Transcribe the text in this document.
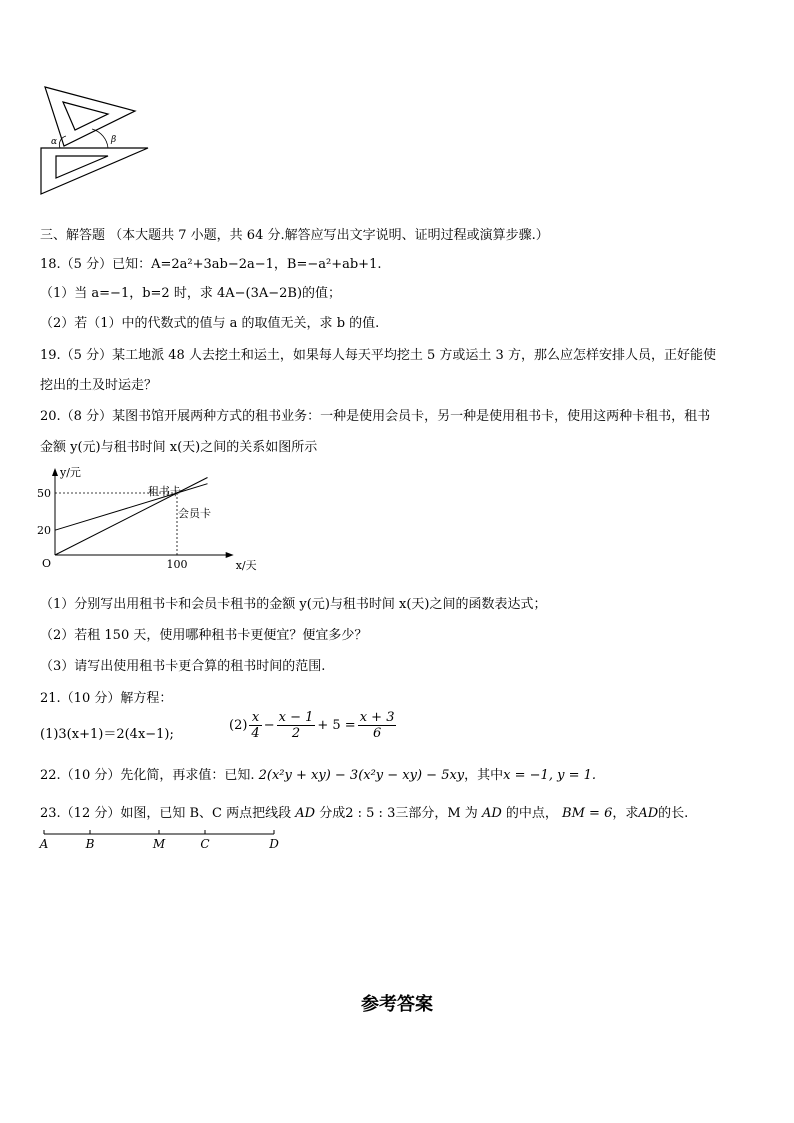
α	β
三、解答题 （本大题共 7 小题，共 64 分.解答应写出文字说明、证明过程或演算步骤.）
18.（5 分）已知：A=2a²+3ab−2a−1，B=−a²+ab+1.
（1）当 a=−1，b=2 时，求 4A−(3A−2B)的值；
（2）若（1）中的代数式的值与 a 的取值无关，求 b 的值.
19.（5 分）某工地派 48 人去挖土和运土，如果每人每天平均挖土 5 方或运土 3 方，那么应怎样安排人员，正好能使
挖出的土及时运走？
20.（8 分）某图书馆开展两种方式的租书业务：一种是使用会员卡，另一种是使用租书卡，使用这两种卡租书，租书
金额 y(元)与租书时间 x(天)之间的关系如图所示
y/元
x/天
O
50
20
100
租书卡
会员卡
（1）分别写出用租书卡和会员卡租书的金额 y(元)与租书时间 x(天)之间的函数表达式；
（2）若租 150 天，使用哪种租书卡更便宜？便宜多少？
（3）请写出使用租书卡更合算的租书时间的范围.
21.（10 分）解方程：
(1)3(x+1)＝2(4x−1);
$(2) \frac{x}{4} - \frac{x - 1}{2} + 5 = \frac{x + 3}{6}$
22.（10 分）先化简，再求值：已知. 2(x²y + xy) − 3(x²y − xy) − 5xy，其中x = −1, y = 1.
23.（12 分）如图，已知 B、C 两点把线段 AD 分成2 : 5 : 3三部分，M 为 AD 的中点， BM = 6，求AD的长.
A	B	M	C	D
参考答案
